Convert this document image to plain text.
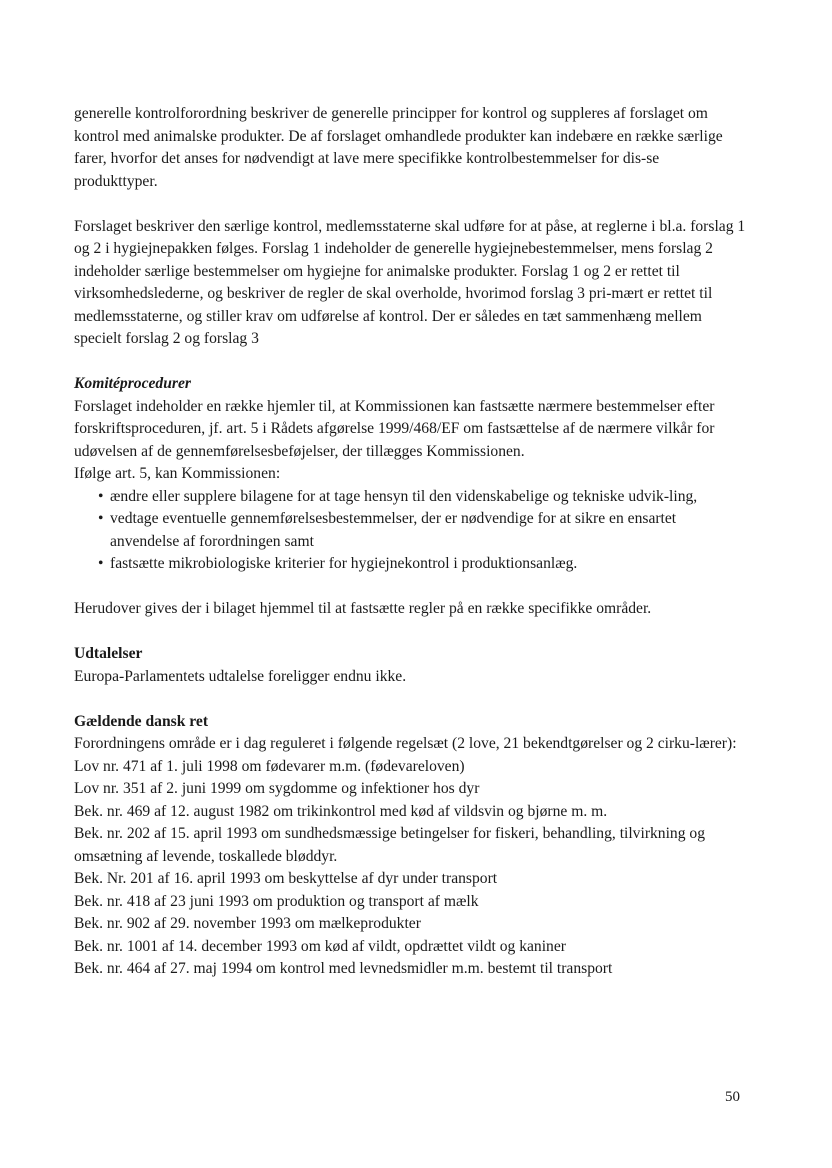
generelle kontrolforordning beskriver de generelle principper for kontrol og suppleres af forslaget om kontrol med animalske produkter. De af forslaget omhandlede produkter kan indebære en række særlige farer, hvorfor det anses for nødvendigt at lave mere specifikke kontrolbestemmelser for dis-se produkttyper.

Forslaget beskriver den særlige kontrol, medlemsstaterne skal udføre for at påse, at reglerne i bl.a. forslag 1 og 2 i hygiejnepakken følges. Forslag 1 indeholder de generelle hygiejnebestemmelser, mens forslag 2 indeholder særlige bestemmelser om hygiejne for animalske produkter. Forslag 1 og 2 er rettet til virksomhedslederne, og beskriver de regler de skal overholde, hvorimod forslag 3 pri-mært er rettet til medlemsstaterne, og stiller krav om udførelse af kontrol. Der er således en tæt sammenhæng mellem specielt forslag 2 og forslag 3

Komitéprocedurer

Forslaget indeholder en række hjemler til, at Kommissionen kan fastsætte nærmere bestemmelser efter forskriftsproceduren, jf. art. 5 i Rådets afgørelse 1999/468/EF om fastsættelse af de nærmere vilkår for udøvelsen af de gennemførelsesbeføjelser, der tillægges Kommissionen.

Ifølge art. 5, kan Kommissionen:

• ændre eller supplere bilagene for at tage hensyn til den videnskabelige og tekniske udvik-ling,
• vedtage eventuelle gennemførelsesbestemmelser, der er nødvendige for at sikre en ensartet anvendelse af forordningen samt
• fastsætte mikrobiologiske kriterier for hygiejnekontrol i produktionsanlæg.

Herudover gives der i bilaget hjemmel til at fastsætte regler på en række specifikke områder.

Udtalelser

Europa-Parlamentets udtalelse foreligger endnu ikke.

Gældende dansk ret

Forordningens område er i dag reguleret i følgende regelsæt (2 love, 21 bekendtgørelser og 2 cirku-lærer):

Lov nr. 471 af 1. juli 1998 om fødevarer m.m. (fødevareloven)

Lov nr. 351 af 2. juni 1999 om sygdomme og infektioner hos dyr

Bek. nr. 469 af 12. august 1982 om trikinkontrol med kød af vildsvin og bjørne m. m.

Bek. nr. 202 af 15. april 1993 om sundhedsmæssige betingelser for fiskeri, behandling, tilvirkning og omsætning af levende, toskallede bløddyr.

Bek. Nr. 201 af 16. april 1993 om beskyttelse af dyr under transport

Bek. nr. 418 af 23 juni 1993 om produktion og transport af mælk

Bek. nr. 902 af 29. november 1993 om mælkeprodukter

Bek. nr. 1001 af 14. december 1993 om kød af vildt, opdrættet vildt og kaniner

Bek. nr. 464 af 27. maj 1994 om kontrol med levnedsmidler m.m. bestemt til transport

50
